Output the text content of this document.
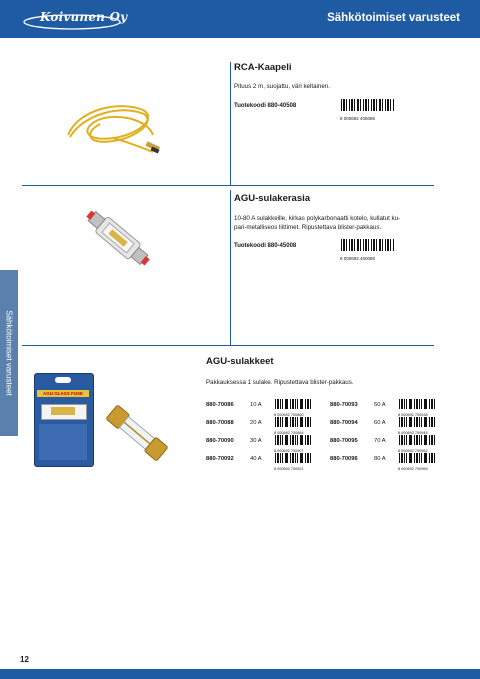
Koivunen Oy	Sähkötoimiset varusteet
Sähkötoimiset varusteet
RCA-Kaapeli
Pituus 2 m, suojattu, väri keltainen.
Tuotekoodi 880-40508
8 000692 405086
AGU-sulakerasia
10-80 A sulakkeille, kirkas polykarbonaatti kotelo, kullatut ku-
pari-metalliseos liittimet. Ripustettava blister-pakkaus.
Tuotekoodi 880-45008
8 000692 450086
AGU GLASS FUSE
AGU-sulakkeet
Pakkauksessa 1 sulake. Ripustettava blister-pakkaus.
880-70086	10 A
8 000692 700860
880-70088	20 A
8 000692 700884
880-70090	30 A
8 000692 700907
880-70092	40 A
8 000692 700921
880-70093	50 A
8 000692 700938
880-70094	60 A
8 000692 700945
880-70095	70 A
8 000692 700952
880-70096	80 A
8 000692 700969
12
